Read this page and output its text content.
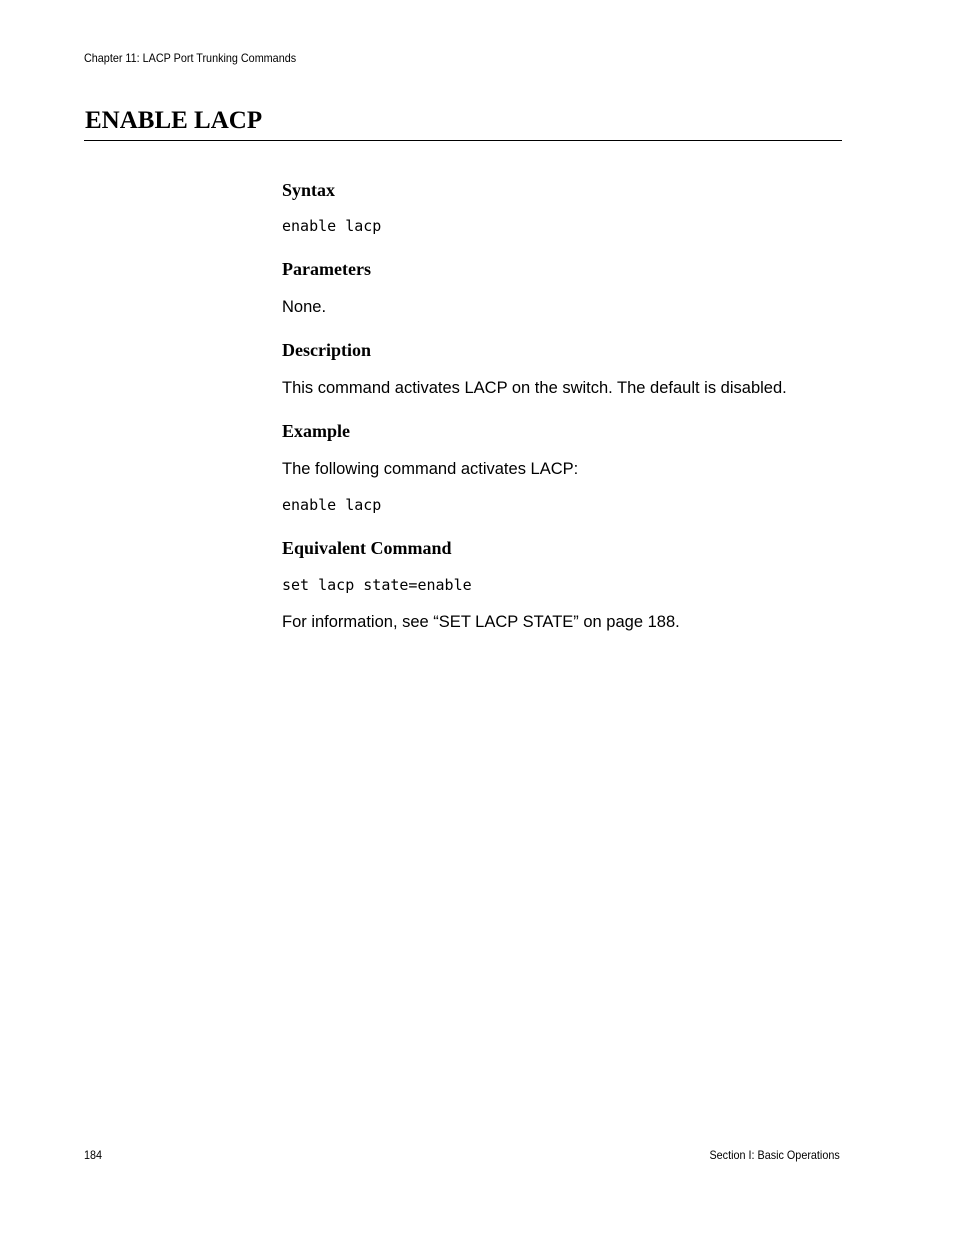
Chapter 11: LACP Port Trunking Commands
ENABLE LACP
Syntax
enable lacp
Parameters
None.
Description
This command activates LACP on the switch. The default is disabled.
Example
The following command activates LACP:
enable lacp
Equivalent Command
set lacp state=enable
For information, see “SET LACP STATE” on page 188.
184	Section I: Basic Operations
